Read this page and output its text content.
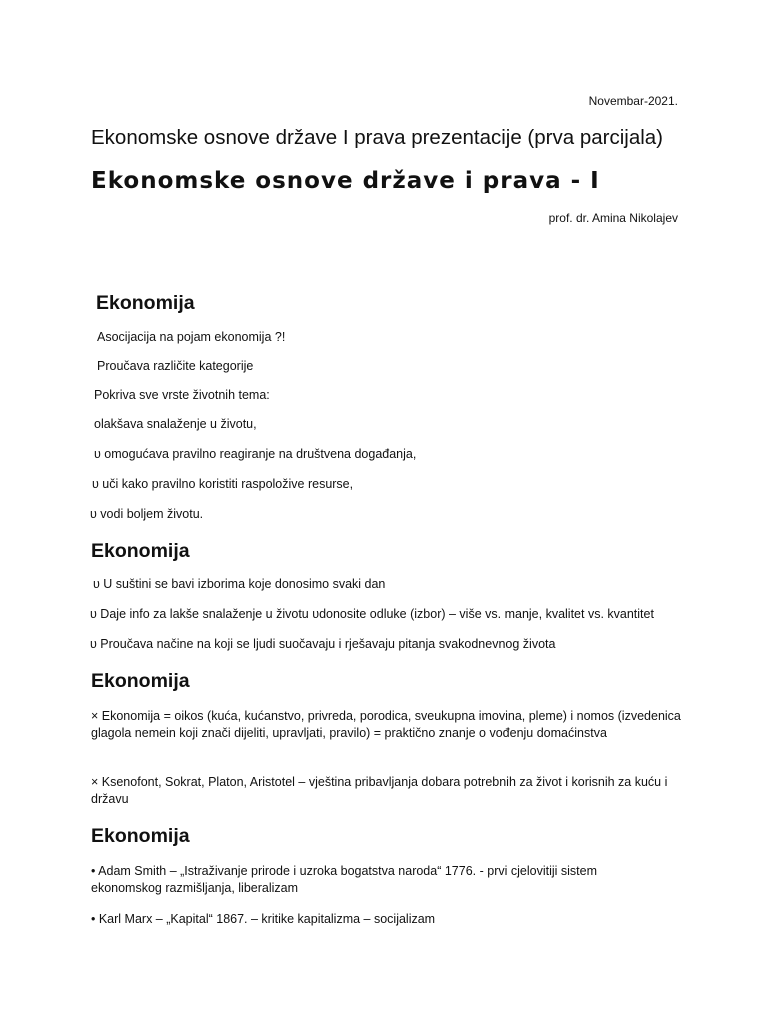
Novembar-2021.

Ekonomske osnove države I prava prezentacije (prva parcijala)
Ekonomske osnove države i prava - I

prof. dr. Amina Nikolajev

Ekonomija

Asocijacija na pojam ekonomija ?!

Proučava različite kategorije

Pokriva sve vrste životnih tema:

olakšava snalaženje u životu,

υ omogućava pravilno reagiranje na društvena događanja,

υ uči kako pravilno koristiti raspoložive resurse,

υ vodi boljem životu.

Ekonomija

υ U suštini se bavi izborima koje donosimo svaki dan

υ Daje info za lakše snalaženje u životu υdonosite odluke (izbor) – više vs. manje, kvalitet vs. kvantitet

υ Proučava načine na koji se ljudi suočavaju i rješavaju pitanja svakodnevnog života

Ekonomija

× Ekonomija = oikos (kuća, kućanstvo, privreda, porodica, sveukupna imovina, pleme) i nomos (izvedenica glagola nemein koji znači dijeliti, upravljati, pravilo) = praktično znanje o vođenju domaćinstva

× Ksenofont, Sokrat, Platon, Aristotel – vještina pribavljanja dobara potrebnih za život i korisnih za kuću i državu

Ekonomija

• Adam Smith – „Istraživanje prirode i uzroka bogatstva naroda“ 1776. - prvi cjelovitiji sistem ekonomskog razmišljanja, liberalizam

• Karl Marx – „Kapital“ 1867. – kritike kapitalizma – socijalizam
